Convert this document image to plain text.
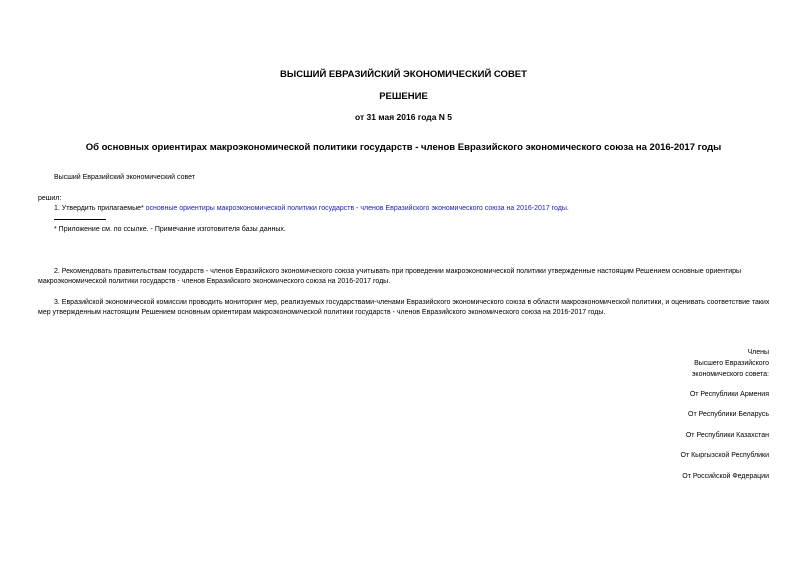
ВЫСШИЙ ЕВРАЗИЙСКИЙ ЭКОНОМИЧЕСКИЙ СОВЕТ
РЕШЕНИЕ
от 31 мая 2016 года N 5
Об основных ориентирах макроэкономической политики государств - членов Евразийского экономического союза на 2016-2017 годы
Высший Евразийский экономический совет
решил:
1. Утвердить прилагаемые* основные ориентиры макроэкономической политики государств - членов Евразийского экономического союза на 2016-2017 годы.
* Приложение см. по ссылке. - Примечание изготовителя базы данных.
2. Рекомендовать правительствам государств - членов Евразийского экономического союза учитывать при проведении макроэкономической политики утвержденные настоящим Решением основные ориентиры макроэкономической политики государств - членов Евразийского экономического союза на 2016-2017 годы.
3. Евразийской экономической комиссии проводить мониторинг мер, реализуемых государствами-членами Евразийского экономического союза в области макроэкономической политики, и оценивать соответствие таких мер утвержденным настоящим Решением основным ориентирам макроэкономической политики государств - членов Евразийского экономического союза на 2016-2017 годы.
Члены
Высшего Евразийского
экономического совета:
От Республики Армения
От Республики Беларусь
От Республики Казахстан
От Кыргызской Республики
От Российской Федерации
